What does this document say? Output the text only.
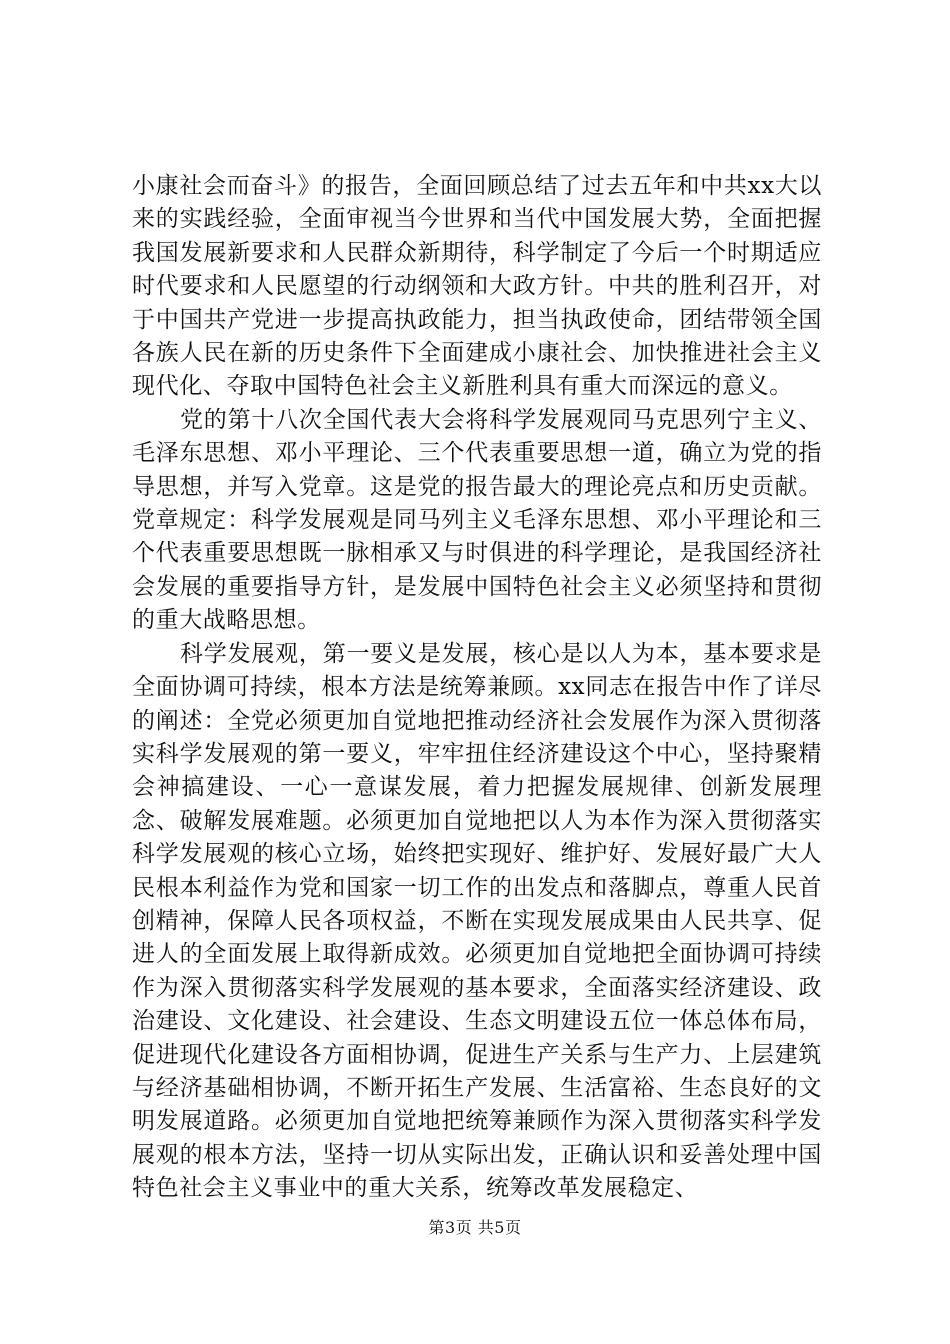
小康社会而奋斗》的报告，全面回顾总结了过去五年和中共xx大以来的实践经验，全面审视当今世界和当代中国发展大势，全面把握我国发展新要求和人民群众新期待，科学制定了今后一个时期适应时代要求和人民愿望的行动纲领和大政方针。中共的胜利召开，对于中国共产党进一步提高执政能力，担当执政使命，团结带领全国各族人民在新的历史条件下全面建成小康社会、加快推进社会主义现代化、夺取中国特色社会主义新胜利具有重大而深远的意义。

党的第十八次全国代表大会将科学发展观同马克思列宁主义、毛泽东思想、邓小平理论、三个代表重要思想一道，确立为党的指导思想，并写入党章。这是党的报告最大的理论亮点和历史贡献。党章规定：科学发展观是同马列主义毛泽东思想、邓小平理论和三个代表重要思想既一脉相承又与时俱进的科学理论，是我国经济社会发展的重要指导方针，是发展中国特色社会主义必须坚持和贯彻的重大战略思想。

科学发展观，第一要义是发展，核心是以人为本，基本要求是全面协调可持续，根本方法是统筹兼顾。xx同志在报告中作了详尽的阐述：全党必须更加自觉地把推动经济社会发展作为深入贯彻落实科学发展观的第一要义，牢牢扭住经济建设这个中心，坚持聚精会神搞建设、一心一意谋发展，着力把握发展规律、创新发展理念、破解发展难题。必须更加自觉地把以人为本作为深入贯彻落实科学发展观的核心立场，始终把实现好、维护好、发展好最广大人民根本利益作为党和国家一切工作的出发点和落脚点，尊重人民首创精神，保障人民各项权益，不断在实现发展成果由人民共享、促进人的全面发展上取得新成效。必须更加自觉地把全面协调可持续作为深入贯彻落实科学发展观的基本要求，全面落实经济建设、政治建设、文化建设、社会建设、生态文明建设五位一体总体布局，促进现代化建设各方面相协调，促进生产关系与生产力、上层建筑与经济基础相协调，不断开拓生产发展、生活富裕、生态良好的文明发展道路。必须更加自觉地把统筹兼顾作为深入贯彻落实科学发展观的根本方法，坚持一切从实际出发，正确认识和妥善处理中国特色社会主义事业中的重大关系，统筹改革发展稳定、

第3页 共5页
